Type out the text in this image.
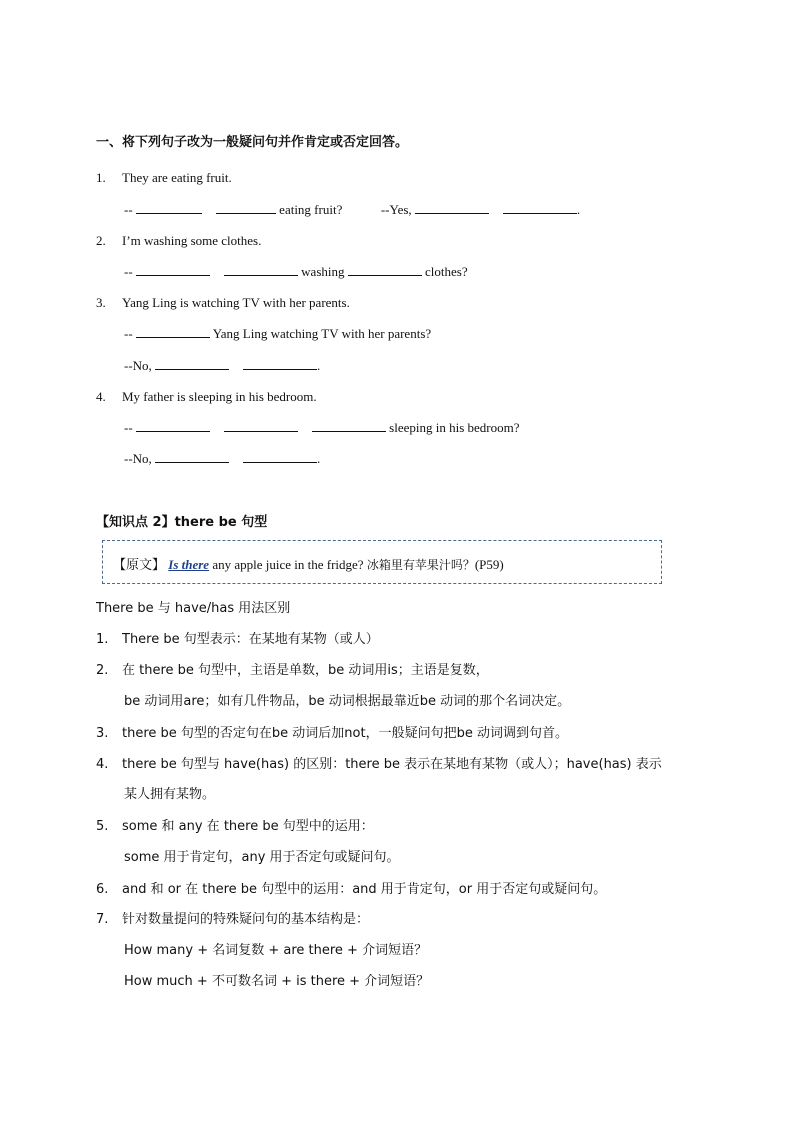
一、将下列句子改为一般疑问句并作肯定或否定回答。
1. They are eating fruit.
--	eating fruit?	--Yes,	.
2. I’m washing some clothes.
--	washing	clothes?
3. Yang Ling is watching TV with her parents.
--	Yang Ling watching TV with her parents?
--No,	.
4. My father is sleeping in his bedroom.
--	sleeping in his bedroom?
--No,	.
【知识点 2】there be 句型
【原文】 Is there any apple juice in the fridge? 冰箱里有苹果汁吗？(P59)
There be 与 have/has 用法区别
1. There be 句型表示：在某地有某物（或人）
2. 在 there be 句型中，主语是单数，be 动词用is；主语是复数，
be 动词用are；如有几件物品，be 动词根据最靠近be 动词的那个名词决定。
3. there be 句型的否定句在be 动词后加not，一般疑问句把be 动词调到句首。
4. there be 句型与 have(has) 的区别：there be 表示在某地有某物（或人）；have(has) 表示
某人拥有某物。
5. some 和 any 在 there be 句型中的运用：
some 用于肯定句，any 用于否定句或疑问句。
6. and 和 or 在 there be 句型中的运用：and 用于肯定句，or 用于否定句或疑问句。
7. 针对数量提问的特殊疑问句的基本结构是：
How many + 名词复数 + are there + 介词短语？
How much + 不可数名词 + is there + 介词短语？
